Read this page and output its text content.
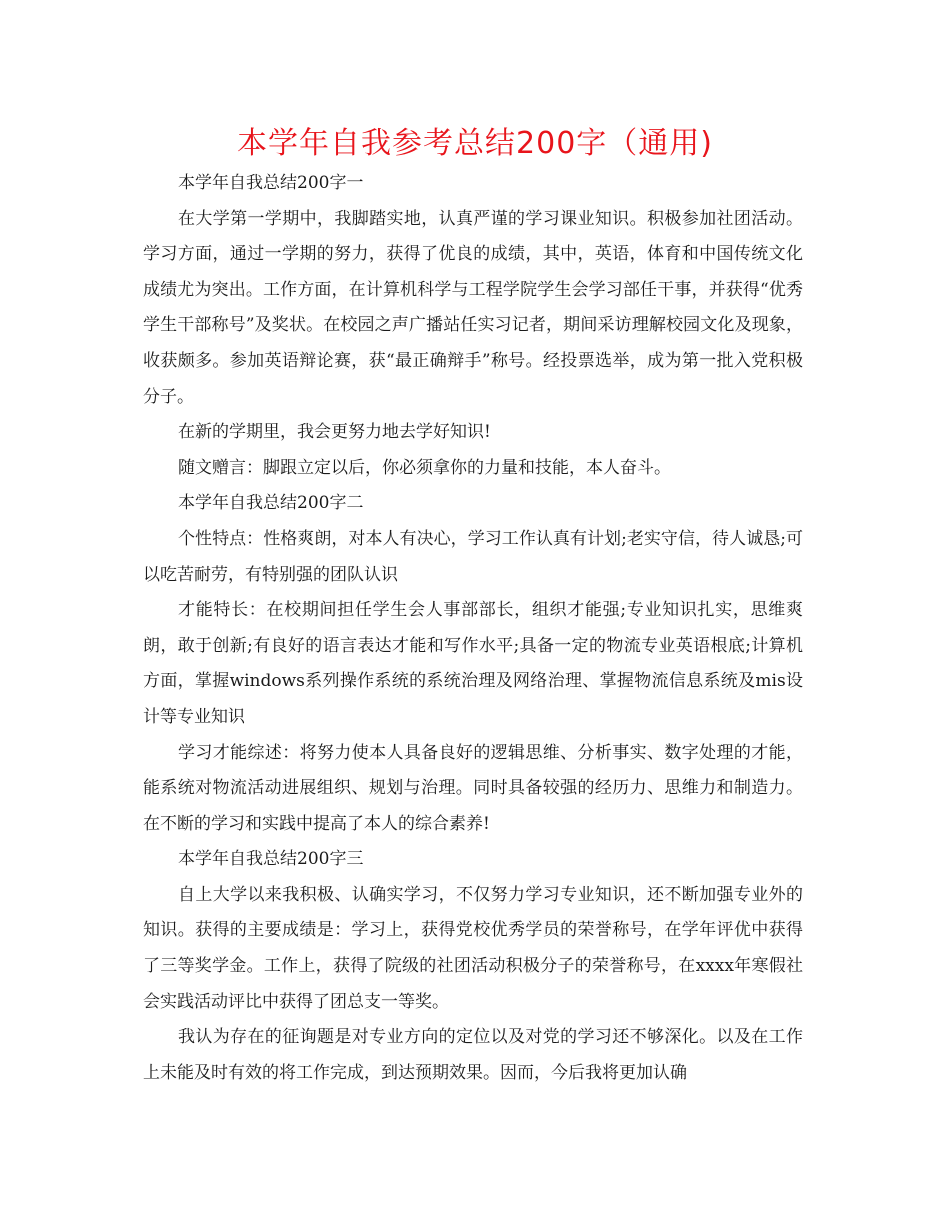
本学年自我参考总结200字（通用)

本学年自我总结200字一

在大学第一学期中，我脚踏实地，认真严谨的学习课业知识。积极参加社团活动。学习方面，通过一学期的努力，获得了优良的成绩，其中，英语，体育和中国传统文化成绩尤为突出。工作方面，在计算机科学与工程学院学生会学习部任干事，并获得“优秀学生干部称号”及奖状。在校园之声广播站任实习记者，期间采访理解校园文化及现象，收获颇多。参加英语辩论赛，获“最正确辩手”称号。经投票选举，成为第一批入党积极分子。

在新的学期里，我会更努力地去学好知识!

随文赠言：脚跟立定以后，你必须拿你的力量和技能，本人奋斗。

本学年自我总结200字二

个性特点：性格爽朗，对本人有决心，学习工作认真有计划;老实守信，待人诚恳;可以吃苦耐劳，有特别强的团队认识

才能特长：在校期间担任学生会人事部部长，组织才能强;专业知识扎实，思维爽朗，敢于创新;有良好的语言表达才能和写作水平;具备一定的物流专业英语根底;计算机方面，掌握windows系列操作系统的系统治理及网络治理、掌握物流信息系统及mis设计等专业知识

学习才能综述：将努力使本人具备良好的逻辑思维、分析事实、数字处理的才能，能系统对物流活动进展组织、规划与治理。同时具备较强的经历力、思维力和制造力。在不断的学习和实践中提高了本人的综合素养!

本学年自我总结200字三

自上大学以来我积极、认确实学习，不仅努力学习专业知识，还不断加强专业外的知识。获得的主要成绩是：学习上，获得党校优秀学员的荣誉称号，在学年评优中获得了三等奖学金。工作上，获得了院级的社团活动积极分子的荣誉称号，在xxxx年寒假社会实践活动评比中获得了团总支一等奖。

我认为存在的征询题是对专业方向的定位以及对党的学习还不够深化。以及在工作上未能及时有效的将工作完成，到达预期效果。因而，今后我将更加认确
